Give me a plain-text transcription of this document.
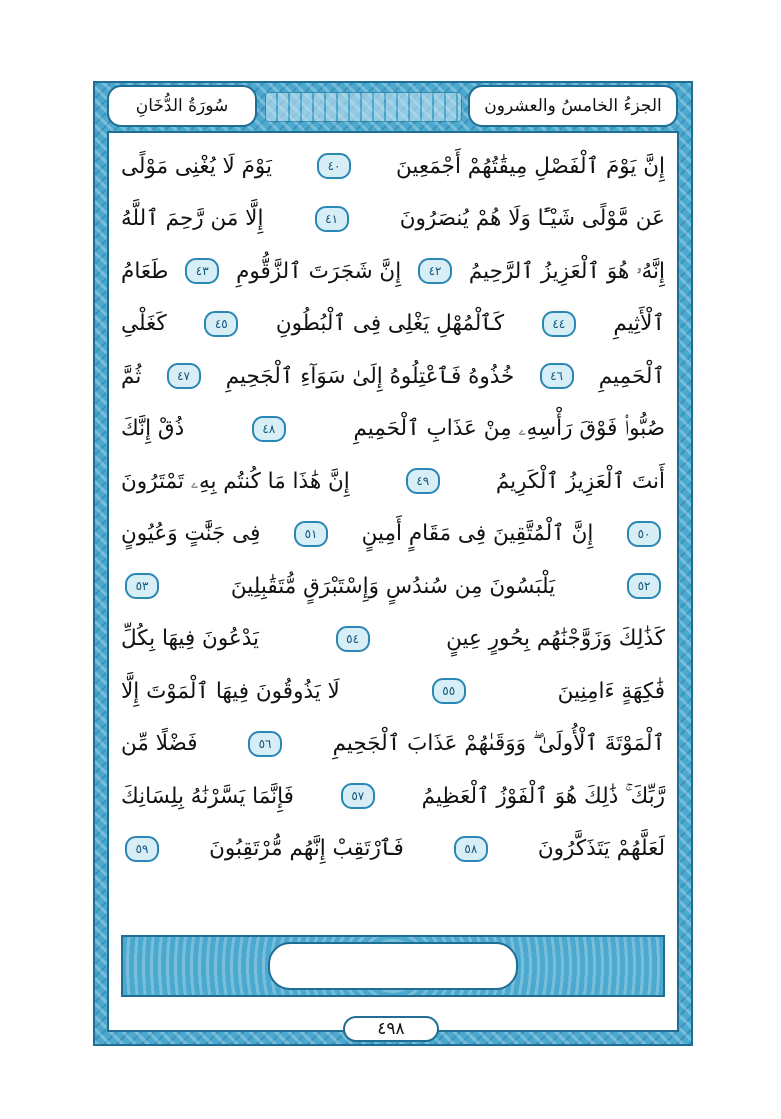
الجزءُ الخامسُ والعشرون
سُورَةُ الدُّخَانِ
إِنَّ يَوْمَ ٱلْفَصْلِ مِيقَٰتُهُمْ أَجْمَعِينَ
٤٠
يَوْمَ لَا يُغْنِى مَوْلًى
عَن مَّوْلًى شَيْـًٔا وَلَا هُمْ يُنصَرُونَ
٤١
إِلَّا مَن رَّحِمَ ٱللَّهُ
إِنَّهُۥ هُوَ ٱلْعَزِيزُ ٱلرَّحِيمُ
٤٢
إِنَّ شَجَرَتَ ٱلزَّقُّومِ
٤٣
طَعَامُ
ٱلْأَثِيمِ
٤٤
كَٱلْمُهْلِ يَغْلِى فِى ٱلْبُطُونِ
٤٥
كَغَلْىِ
ٱلْحَمِيمِ
٤٦
خُذُوهُ فَٱعْتِلُوهُ إِلَىٰ سَوَآءِ ٱلْجَحِيمِ
٤٧
ثُمَّ
صُبُّوا۟ فَوْقَ رَأْسِهِۦ مِنْ عَذَابِ ٱلْحَمِيمِ
٤٨
ذُقْ إِنَّكَ
أَنتَ ٱلْعَزِيزُ ٱلْكَرِيمُ
٤٩
إِنَّ هَٰذَا مَا كُنتُم بِهِۦ تَمْتَرُونَ
٥٠
إِنَّ ٱلْمُتَّقِينَ فِى مَقَامٍ أَمِينٍ
٥١
فِى جَنَّٰتٍ وَعُيُونٍ
٥٢
يَلْبَسُونَ مِن سُندُسٍ وَإِسْتَبْرَقٍ مُّتَقَٰبِلِينَ
٥٣
كَذَٰلِكَ وَزَوَّجْنَٰهُم بِحُورٍ عِينٍ
٥٤
يَدْعُونَ فِيهَا بِكُلِّ
فَٰكِهَةٍ ءَامِنِينَ
٥٥
لَا يَذُوقُونَ فِيهَا ٱلْمَوْتَ إِلَّا
ٱلْمَوْتَةَ ٱلْأُولَىٰ ۖ وَوَقَىٰهُمْ عَذَابَ ٱلْجَحِيمِ
٥٦
فَضْلًا مِّن
رَّبِّكَ ۚ ذَٰلِكَ هُوَ ٱلْفَوْزُ ٱلْعَظِيمُ
٥٧
فَإِنَّمَا يَسَّرْنَٰهُ بِلِسَانِكَ
لَعَلَّهُمْ يَتَذَكَّرُونَ
٥٨
فَٱرْتَقِبْ إِنَّهُم مُّرْتَقِبُونَ
٥٩
٤٩٨
